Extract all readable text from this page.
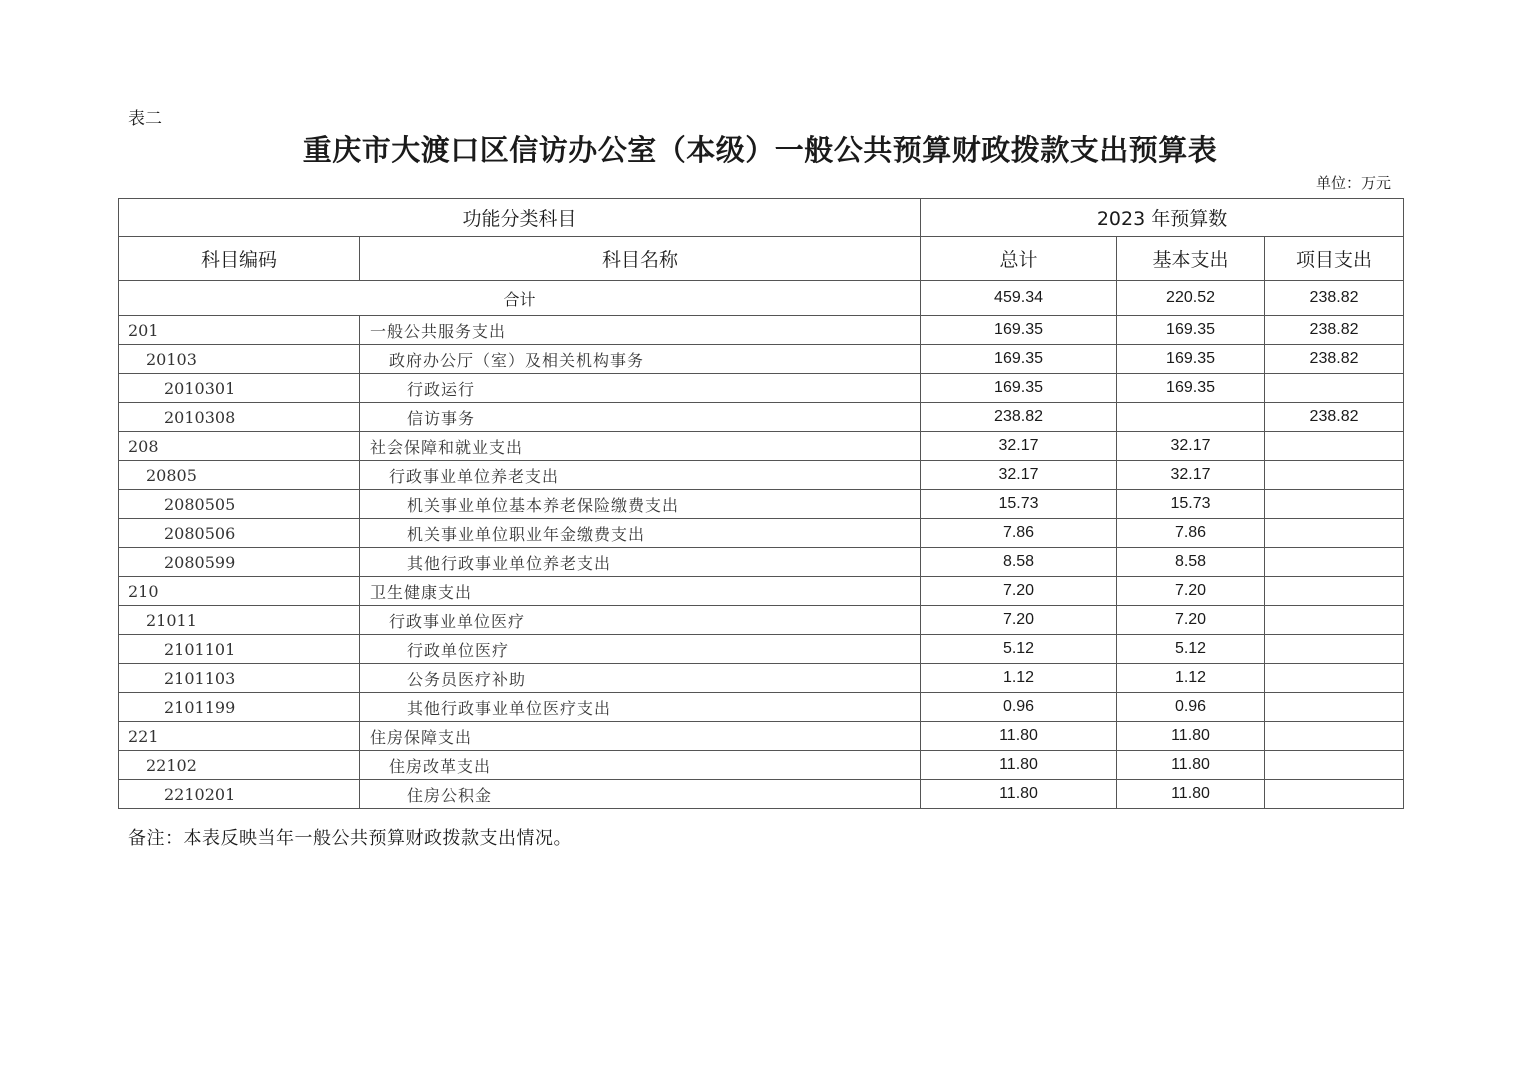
表二
重庆市大渡口区信访办公室（本级）一般公共预算财政拨款支出预算表
单位：万元
功能分类科目		2023 年预算数		
科目编码	科目名称	总计	基本支出	项目支出
合计		459.34	220.52	238.82
201	一般公共服务支出	169.35	169.35	238.82
20103	政府办公厅（室）及相关机构事务	169.35	169.35	238.82
2010301	行政运行	169.35	169.35	
2010308	信访事务	238.82		238.82
208	社会保障和就业支出	32.17	32.17	
20805	行政事业单位养老支出	32.17	32.17	
2080505	机关事业单位基本养老保险缴费支出	15.73	15.73	
2080506	机关事业单位职业年金缴费支出	7.86	7.86	
2080599	其他行政事业单位养老支出	8.58	8.58	
210	卫生健康支出	7.20	7.20	
21011	行政事业单位医疗	7.20	7.20	
2101101	行政单位医疗	5.12	5.12	
2101103	公务员医疗补助	1.12	1.12	
2101199	其他行政事业单位医疗支出	0.96	0.96	
221	住房保障支出	11.80	11.80	
22102	住房改革支出	11.80	11.80	
2210201	住房公积金	11.80	11.80	
备注：本表反映当年一般公共预算财政拨款支出情况。
